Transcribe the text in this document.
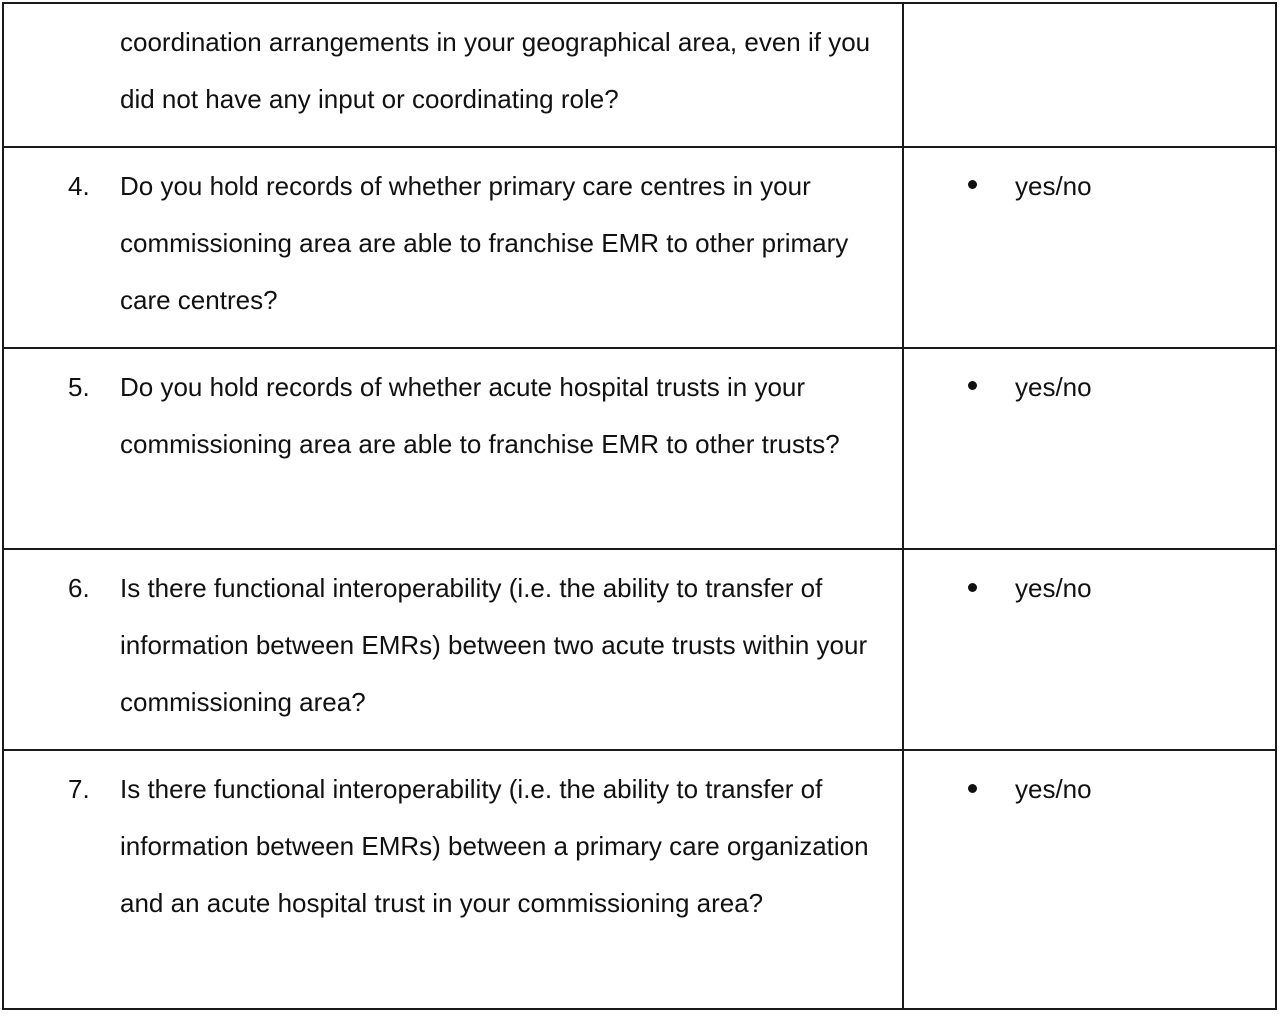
coordination arrangements in your geographical area, even if you did not have any input or coordinating role?	

4. Do you hold records of whether primary care centres in your commissioning area are able to franchise EMR to other primary care centres?	yes/no

5. Do you hold records of whether acute hospital trusts in your commissioning area are able to franchise EMR to other trusts?	yes/no

6. Is there functional interoperability (i.e. the ability to transfer of information between EMRs) between two acute trusts within your commissioning area?	yes/no

7. Is there functional interoperability (i.e. the ability to transfer of information between EMRs) between a primary care organization and an acute hospital trust in your commissioning area?	yes/no
